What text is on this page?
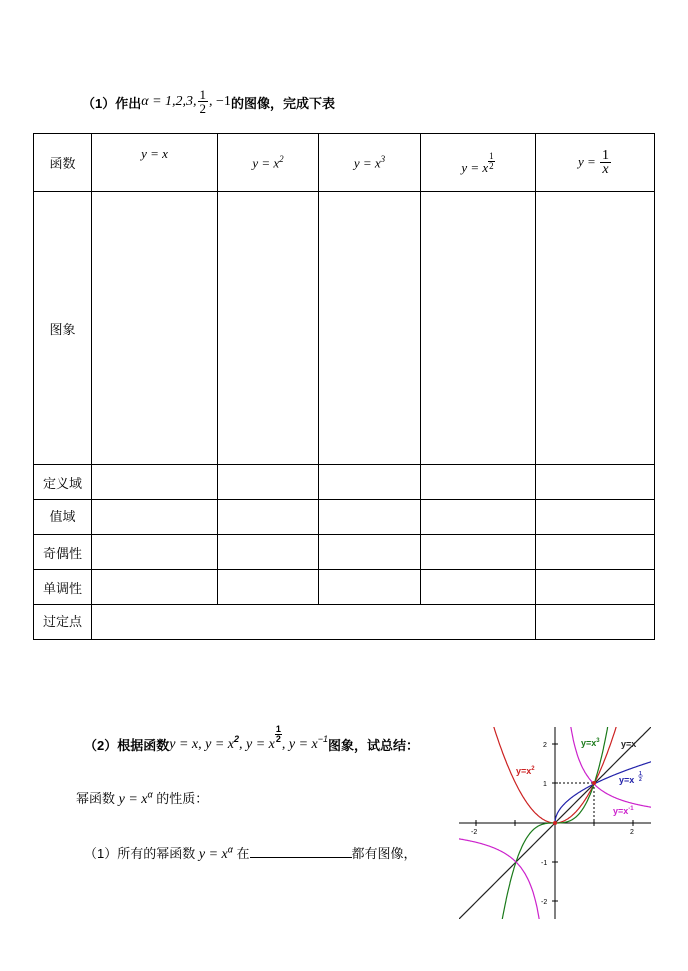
（1）作出 α = 1,2,3, $\frac{1}{2}$ , −1 的图像，完成下表
函数	y = x	$y = x^2$	$y = x^3$	y = x $\frac{1}{2}$	$y = \frac{1}{x}$

图象					
定义域					
值域					
奇偶性					
单调性					
过定点					
（2）根据函数 y = x, $y = x^2$ , y = x $\frac{1}{2}$ , $y = x^{-1}$ 图象，试总结：
幂函数 $y = x^\alpha$ 的性质：
（1）所有的幂函数 $y = x^\alpha$ 在	都有图像，
2
1
-1
-2
-2	2
$y=x^3$ y=x
$y=x^2$
y=x
1
2
$y=x^{-1}$
